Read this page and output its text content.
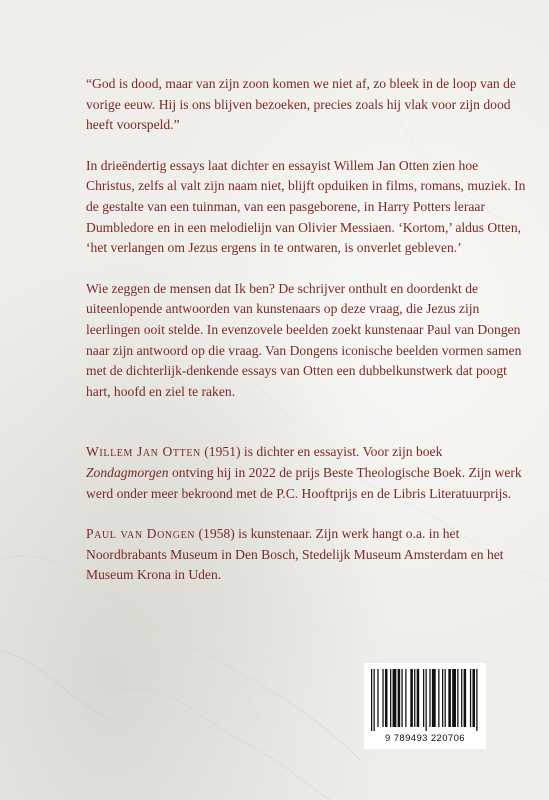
“God is dood, maar van zijn zoon komen we niet af, zo bleek in de loop van de vorige eeuw. Hij is ons blijven bezoeken, precies zoals hij vlak voor zijn dood heeft voorspeld.”

In drieëndertig essays laat dichter en essayist Willem Jan Otten zien hoe Christus, zelfs al valt zijn naam niet, blijft opduiken in films, romans, muziek. In de gestalte van een tuinman, van een pasgeborene, in Harry Potters leraar Dumbledore en in een melodielijn van Olivier Messiaen. ‘Kortom,’ aldus Otten, ‘het verlangen om Jezus ergens in te ontwaren, is onverlet gebleven.’

Wie zeggen de mensen dat Ik ben? De schrijver onthult en doordenkt de uiteenlopende antwoorden van kunstenaars op deze vraag, die Jezus zijn leerlingen ooit stelde. In evenzovele beelden zoekt kunstenaar Paul van Dongen naar zijn antwoord op die vraag. Van Dongens iconische beelden vormen samen met de dichterlijk-denkende essays van Otten een dubbelkunstwerk dat poogt hart, hoofd en ziel te raken.

Willem Jan Otten (1951) is dichter en essayist. Voor zijn boek Zondagmorgen ontving hij in 2022 de prijs Beste Theologische Boek. Zijn werk werd onder meer bekroond met de P.C. Hooftprijs en de Libris Literatuurprijs.

Paul van Dongen (1958) is kunstenaar. Zijn werk hangt o.a. in het Noordbrabants Museum in Den Bosch, Stedelijk Museum Amsterdam en het Museum Krona in Uden.

9 789493 220706
